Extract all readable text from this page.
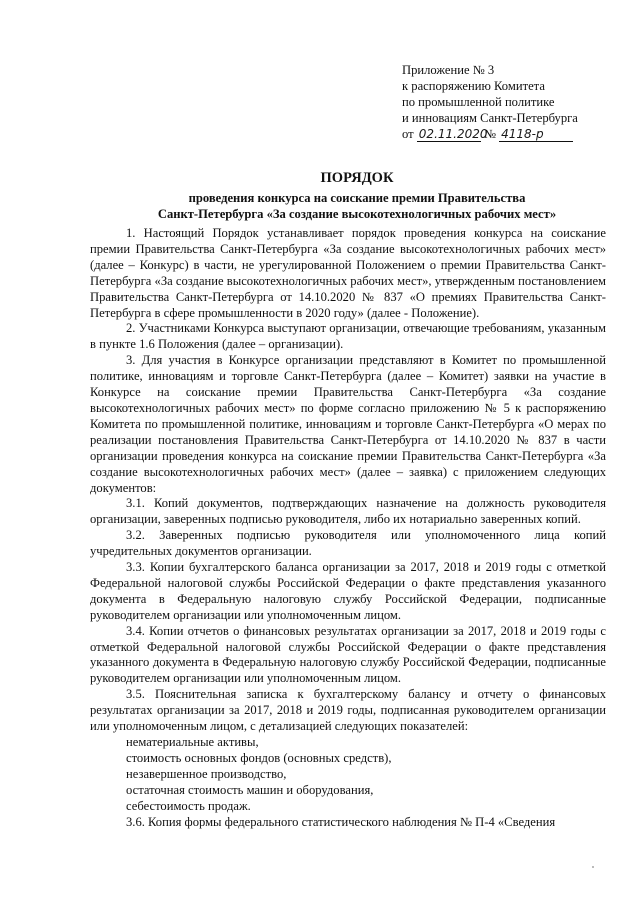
Приложение № 3
к распоряжению Комитета
по промышленной политике
и инновациям Санкт-Петербурга
от 02.11.2020 № 4118-р
ПОРЯДОК
проведения конкурса на соискание премии Правительства
Санкт-Петербурга «За создание высокотехнологичных рабочих мест»

1. Настоящий Порядок устанавливает порядок проведения конкурса на соискание премии Правительства Санкт-Петербурга «За создание высокотехнологичных рабочих мест» (далее – Конкурс) в части, не урегулированной Положением о премии Правительства Санкт-Петербурга «За создание высокотехнологичных рабочих мест», утвержденным постановлением Правительства Санкт-Петербурга от 14.10.2020 № 837 «О премиях Правительства Санкт-Петербурга в сфере промышленности в 2020 году» (далее - Положение).

2. Участниками Конкурса выступают организации, отвечающие требованиям, указанным в пункте 1.6 Положения (далее – организации).

3. Для участия в Конкурсе организации представляют в Комитет по промышленной политике, инновациям и торговле Санкт-Петербурга (далее – Комитет) заявки на участие в Конкурсе на соискание премии Правительства Санкт-Петербурга «За создание высокотехнологичных рабочих мест» по форме согласно приложению № 5 к распоряжению Комитета по промышленной политике, инновациям и торговле Санкт-Петербурга «О мерах по реализации постановления Правительства Санкт-Петербурга от 14.10.2020 № 837 в части организации проведения конкурса на соискание премии Правительства Санкт-Петербурга «За создание высокотехнологичных рабочих мест» (далее – заявка) с приложением следующих документов:

3.1. Копий документов, подтверждающих назначение на должность руководителя организации, заверенных подписью руководителя, либо их нотариально заверенных копий.

3.2. Заверенных подписью руководителя или уполномоченного лица копий учредительных документов организации.

3.3. Копии бухгалтерского баланса организации за 2017, 2018 и 2019 годы с отметкой Федеральной налоговой службы Российской Федерации о факте представления указанного документа в Федеральную налоговую службу Российской Федерации, подписанные руководителем организации или уполномоченным лицом.

3.4. Копии отчетов о финансовых результатах организации за 2017, 2018 и 2019 годы с отметкой Федеральной налоговой службы Российской Федерации о факте представления указанного документа в Федеральную налоговую службу Российской Федерации, подписанные руководителем организации или уполномоченным лицом.

3.5. Пояснительная записка к бухгалтерскому балансу и отчету о финансовых результатах организации за 2017, 2018 и 2019 годы, подписанная руководителем организации или уполномоченным лицом, с детализацией следующих показателей:

нематериальные активы,

стоимость основных фондов (основных средств),

незавершенное производство,

остаточная стоимость машин и оборудования,

себестоимость продаж.

3.6. Копия формы федерального статистического наблюдения № П-4 «Сведения
